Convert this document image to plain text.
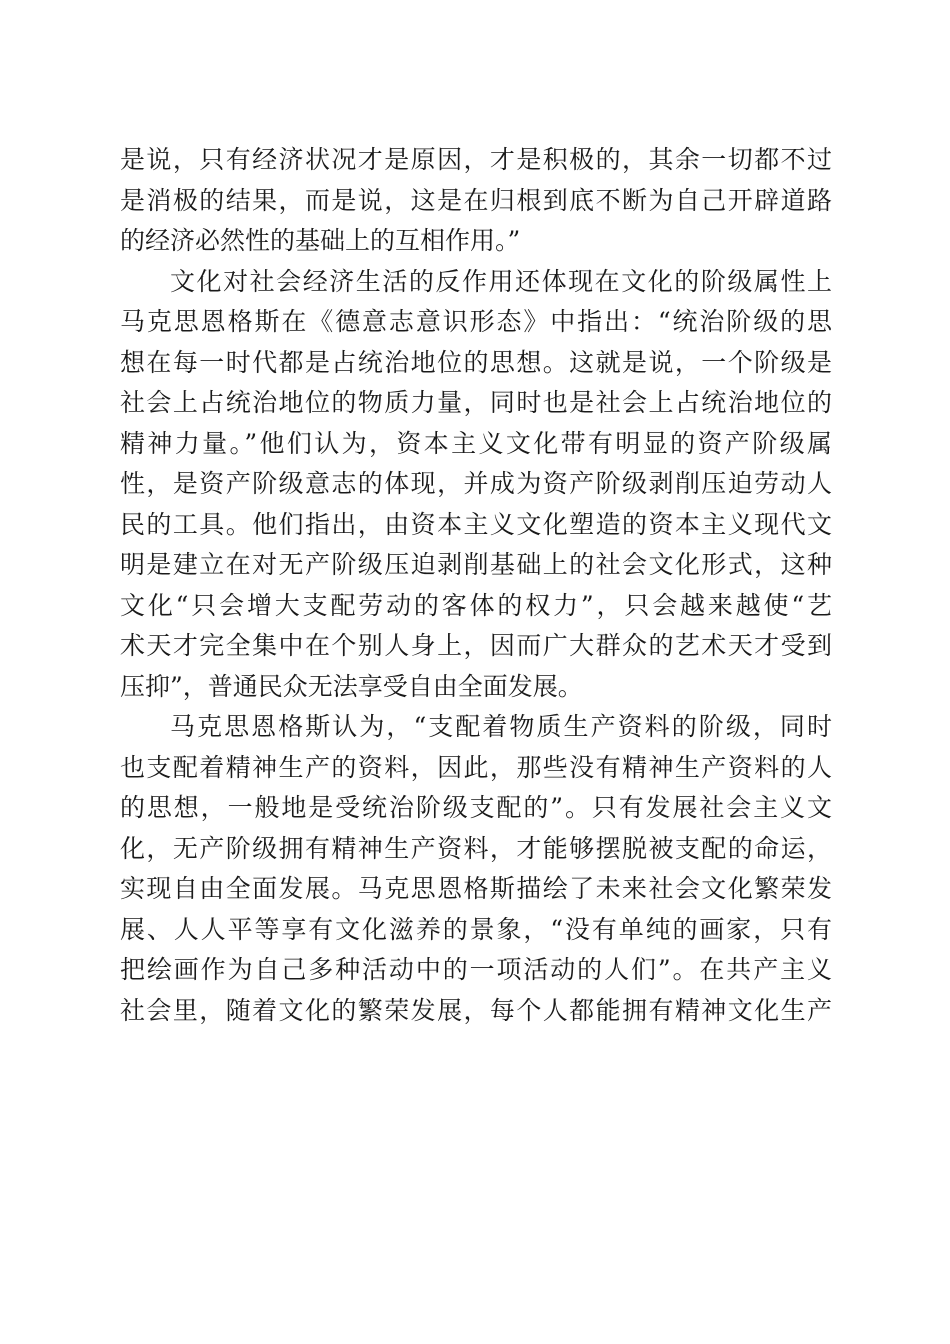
是说，只有经济状况才是原因，才是积极的，其余一切都不过
是消极的结果，而是说，这是在归根到底不断为自己开辟道路
的经济必然性的基础上的互相作用。”
文化对社会经济生活的反作用还体现在文化的阶级属性上
马克思恩格斯在《德意志意识形态》中指出：“统治阶级的思
想在每一时代都是占统治地位的思想。这就是说，一个阶级是
社会上占统治地位的物质力量，同时也是社会上占统治地位的
精神力量。”他们认为，资本主义文化带有明显的资产阶级属
性，是资产阶级意志的体现，并成为资产阶级剥削压迫劳动人
民的工具。他们指出，由资本主义文化塑造的资本主义现代文
明是建立在对无产阶级压迫剥削基础上的社会文化形式，这种
文化“只会增大支配劳动的客体的权力”，只会越来越使“艺
术天才完全集中在个别人身上，因而广大群众的艺术天才受到
压抑”，普通民众无法享受自由全面发展。
马克思恩格斯认为，“支配着物质生产资料的阶级，同时
也支配着精神生产的资料，因此，那些没有精神生产资料的人
的思想，一般地是受统治阶级支配的”。只有发展社会主义文
化，无产阶级拥有精神生产资料，才能够摆脱被支配的命运，
实现自由全面发展。马克思恩格斯描绘了未来社会文化繁荣发
展、人人平等享有文化滋养的景象，“没有单纯的画家，只有
把绘画作为自己多种活动中的一项活动的人们”。在共产主义
社会里，随着文化的繁荣发展，每个人都能拥有精神文化生产
